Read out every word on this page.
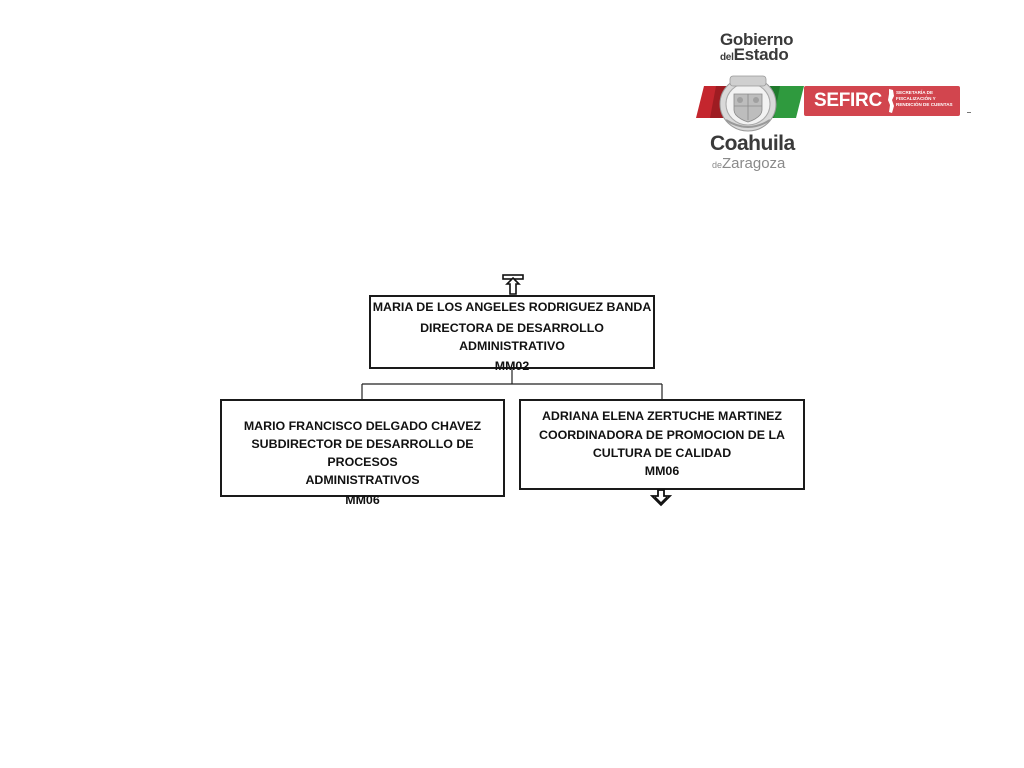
Gobierno
delEstado
SEFIRC	SECRETARÍA DE FISCALIZACIÓN Y RENDICIÓN DE CUENTAS
Coahuila
deZaragoza
MARIA DE LOS ANGELES RODRIGUEZ BANDA
DIRECTORA DE DESARROLLO
ADMINISTRATIVO
MM02
MARIO FRANCISCO DELGADO CHAVEZ
SUBDIRECTOR DE DESARROLLO DE PROCESOS
ADMINISTRATIVOS
MM06
ADRIANA ELENA ZERTUCHE MARTINEZ
COORDINADORA DE PROMOCION DE LA
CULTURA DE CALIDAD
MM06
